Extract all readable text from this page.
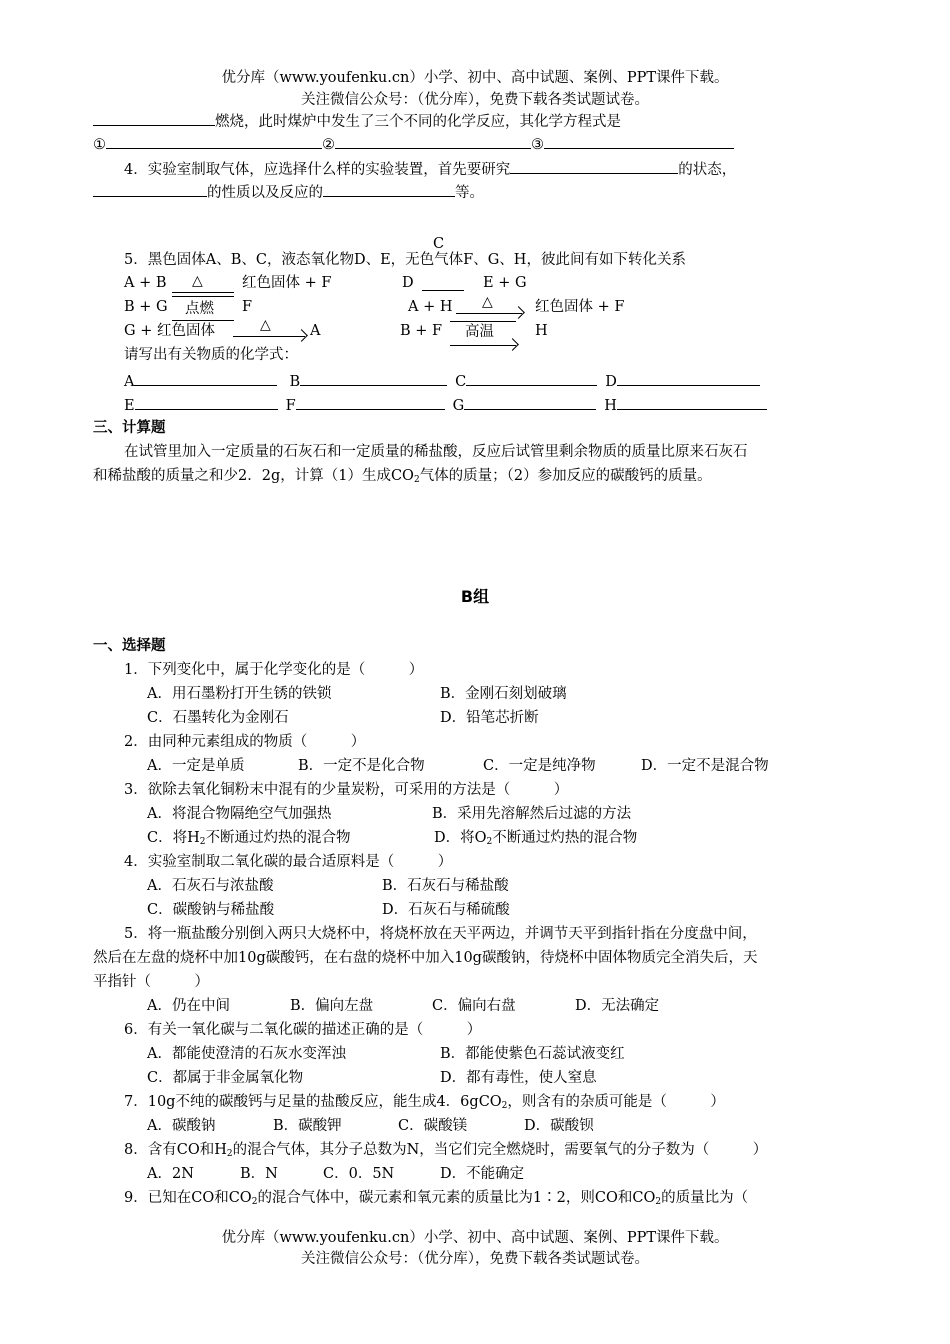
优分库（www.youfenku.cn）小学、初中、高中试题、案例、PPT课件下载。
关注微信公众号：（优分库），免费下载各类试题试卷。
燃烧，此时煤炉中发生了三个不同的化学反应，其化学方程式是
①	②	③
4．实验室制取气体，应选择什么样的实验装置，首先要研究	的状态，
的性质以及反应的	等。
C
5．黑色固体A、B、C，液态氧化物D、E，无色气体F、G、H，彼此间有如下转化关系
A + B △	红色固体 + F	D	E + G
B + G 点燃 F	A + H △	红色固体 + F
G + 红色固体	△	A	B + F 高温	H
请写出有关物质的化学式：
A	B	C	D
E	F	G	H
三、计算题
在试管里加入一定质量的石灰石和一定质量的稀盐酸，反应后试管里剩余物质的质量比原来石灰石
和稀盐酸的质量之和少2．2g，计算（1）生成$CO_2$气体的质量；（2）参加反应的碳酸钙的质量。
B组
一、选择题
1．下列变化中，属于化学变化的是（　　　）
A．用石墨粉打开生锈的铁锁	B．金刚石刻划破璃
C．石墨转化为金刚石	D．铅笔芯折断
2．由同种元素组成的物质（　　　）
A．一定是单质	B．一定不是化合物	C．一定是纯净物	D．一定不是混合物
3．欲除去氧化铜粉末中混有的少量炭粉，可采用的方法是（　　　）
A．将混合物隔绝空气加强热	B．采用先溶解然后过滤的方法
C．将$H_2$不断通过灼热的混合物	D．将$O_2$不断通过灼热的混合物
4．实验室制取二氧化碳的最合适原料是（　　　）
A．石灰石与浓盐酸	B．石灰石与稀盐酸
C．碳酸钠与稀盐酸	D．石灰石与稀硫酸
5．将一瓶盐酸分别倒入两只大烧杯中，将烧杯放在天平两边，并调节天平到指针指在分度盘中间，
然后在左盘的烧杯中加10g碳酸钙，在右盘的烧杯中加入10g碳酸钠，待烧杯中固体物质完全消失后，天
平指针（　　　）
A．仍在中间	B．偏向左盘	C．偏向右盘	D．无法确定
6．有关一氧化碳与二氧化碳的描述正确的是（　　　）
A．都能使澄清的石灰水变浑浊	B．都能使紫色石蕊试液变红
C．都属于非金属氧化物	D．都有毒性，使人窒息
7．10g不纯的碳酸钙与足量的盐酸反应，能生成4．6gCO$_2$，则含有的杂质可能是（　　　）
A．碳酸钠	B．碳酸钾	C．碳酸镁	D．碳酸钡
8．含有CO和$H_2$的混合气体，其分子总数为N，当它们完全燃烧时，需要氧气的分子数为（　　　）
A．2N	B．N	C．0．5N	D．不能确定
9．已知在CO和$CO_2$的混合气体中，碳元素和氧元素的质量比为1∶2，则CO和$CO_2$的质量比为（
优分库（www.youfenku.cn）小学、初中、高中试题、案例、PPT课件下载。
关注微信公众号：（优分库），免费下载各类试题试卷。
